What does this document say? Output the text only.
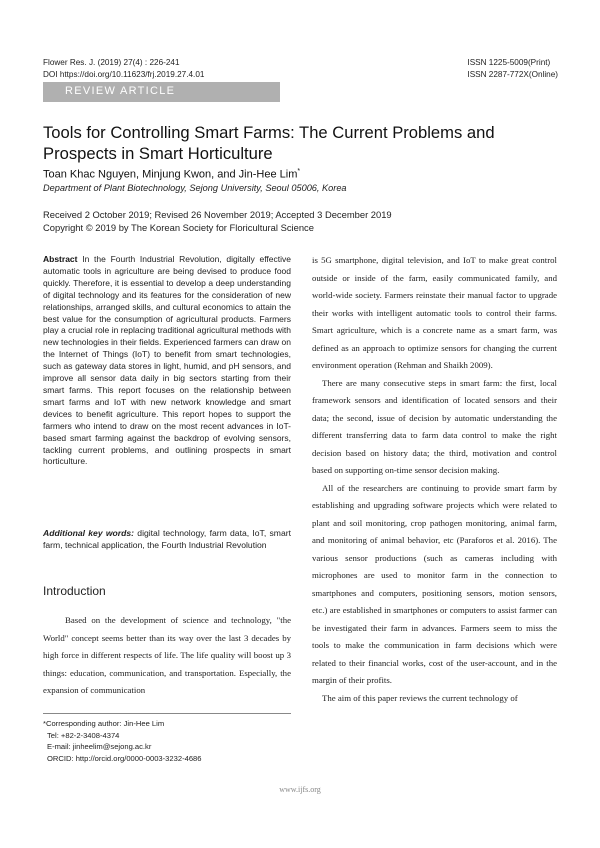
Flower Res. J. (2019) 27(4) : 226-241
DOI https://doi.org/10.11623/frj.2019.27.4.01
ISSN 1225-5009(Print)
ISSN 2287-772X(Online)
REVIEW ARTICLE
Tools for Controlling Smart Farms: The Current Problems and Prospects in Smart Horticulture
Toan Khac Nguyen, Minjung Kwon, and Jin-Hee Lim*
Department of Plant Biotechnology, Sejong University, Seoul 05006, Korea
Received 2 October 2019; Revised 26 November 2019; Accepted 3 December 2019
Copyright © 2019 by The Korean Society for Floricultural Science
Abstract In the Fourth Industrial Revolution, digitally effective automatic tools in agriculture are being devised to produce food quickly. Therefore, it is essential to develop a deep understanding of digital technology and its features for the consideration of new relationships, arranged skills, and cultural economics to attain the best value for the consumption of agricultural products. Farmers play a crucial role in replacing traditional agricultural methods with new technologies in their fields. Experienced farmers can draw on the Internet of Things (IoT) to benefit from smart technologies, such as gateway data stores in light, humid, and pH sensors, and improve all sensor data daily in big sectors starting from their smart farms. This report focuses on the relationship between smart farms and IoT with new network knowledge and smart devices to benefit agriculture. This report hopes to support the farmers who intend to draw on the most recent advances in IoT-based smart farming against the backdrop of evolving sensors, tackling current problems, and outlining prospects in smart horticulture.
Additional key words: digital technology, farm data, IoT, smart farm, technical application, the Fourth Industrial Revolution
Introduction
Based on the development of science and technology, "the World" concept seems better than its way over the last 3 decades by high force in different respects of life. The life quality will boost up 3 things: education, communication, and transportation. Especially, the expansion of communication
*Corresponding author: Jin-Hee Lim
Tel: +82-2-3408-4374
E-mail: jinheelim@sejong.ac.kr
ORCID: http://orcid.org/0000-0003-3232-4686

is 5G smartphone, digital television, and IoT to make great control outside or inside of the farm, easily communicated family, and world-wide society. Farmers reinstate their manual factor to upgrade their works with intelligent automatic tools to control their farms. Smart agriculture, which is a concrete name as a smart farm, was defined as an approach to optimize sensors for changing the current environment operation (Rehman and Shaikh 2009).

There are many consecutive steps in smart farm: the first, local framework sensors and identification of located sensors and their data; the second, issue of decision by automatic understanding the different transferring data to farm data control to make the right decision based on history data; the third, motivation and control based on supporting on-time sensor decision making.

All of the researchers are continuing to provide smart farm by establishing and upgrading software projects which were related to plant and soil monitoring, crop pathogen monitoring, animal farm, and monitoring of animal behavior, etc (Paraforos et al. 2016). The various sensor productions (such as cameras including with microphones are used to monitor farm in the connection to smartphones and computers, positioning sensors, motion sensors, etc.) are established in smartphones or computers to assist farmer can be investigated their farm in advances. Farmers seem to miss the tools to make the communication in farm decisions which were related to their financial works, cost of the user-account, and in the margin of their profits.

The aim of this paper reviews the current technology of

www.ijfs.org
